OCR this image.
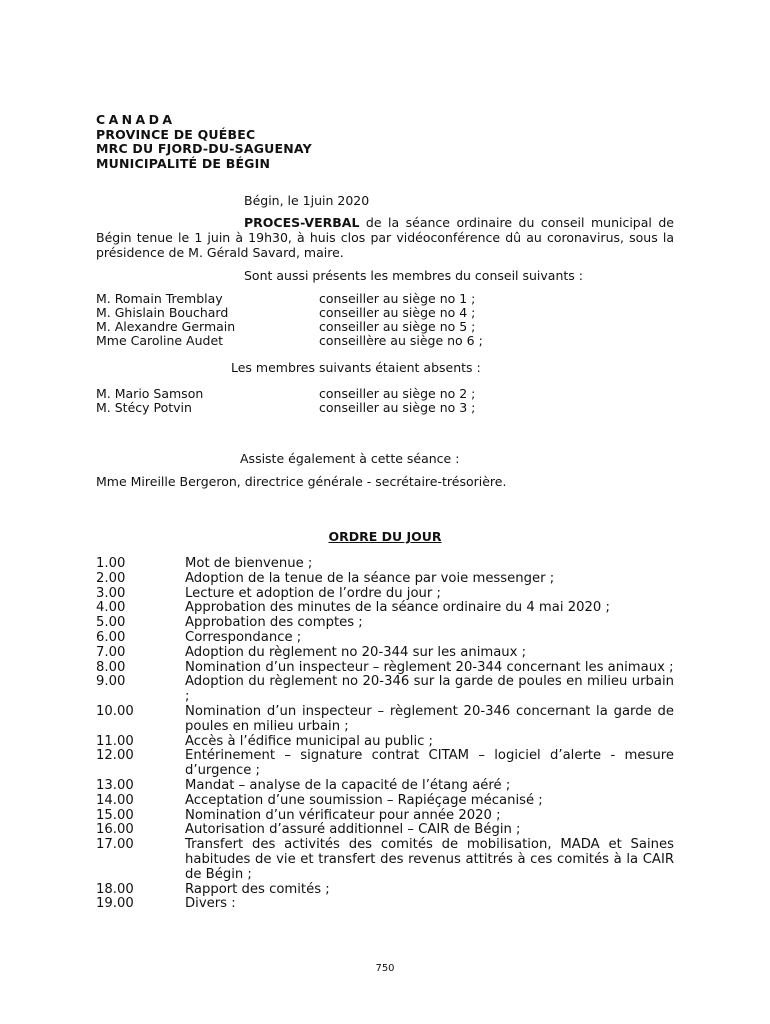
CANADA
PROVINCE DE QUÉBEC
MRC DU FJORD-DU-SAGUENAY
MUNICIPALITÉ DE BÉGIN
Bégin, le 1juin 2020
PROCES-VERBAL de la séance ordinaire du conseil municipal de Bégin tenue le 1 juin à 19h30, à huis clos par vidéoconférence dû au coronavirus, sous la présidence de M. Gérald Savard, maire.
Sont aussi présents les membres du conseil suivants :
M. Romain Tremblay	conseiller au siège no 1 ;
M. Ghislain Bouchard	conseiller au siège no 4 ;
M. Alexandre Germain	conseiller au siège no 5 ;
Mme Caroline Audet	conseillère au siège no 6 ;
Les membres suivants étaient absents :
M. Mario Samson	conseiller au siège no 2 ;
M. Stécy Potvin	conseiller au siège no 3 ;
Assiste également à cette séance :
Mme Mireille Bergeron, directrice générale - secrétaire-trésorière.
ORDRE DU JOUR
1.00	Mot de bienvenue ;
2.00	Adoption de la tenue de la séance par voie messenger ;
3.00	Lecture et adoption de l’ordre du jour ;
4.00	Approbation des minutes de la séance ordinaire du 4 mai 2020 ;
5.00	Approbation des comptes ;
6.00	Correspondance ;
7.00	Adoption du règlement no 20-344 sur les animaux ;
8.00	Nomination d’un inspecteur – règlement 20-344 concernant les animaux ;
9.00	Adoption du règlement no 20-346 sur la garde de poules en milieu urbain ;
10.00	Nomination d’un inspecteur – règlement 20-346 concernant la garde de poules en milieu urbain ;
11.00	Accès à l’édifice municipal au public ;
12.00	Entérinement – signature contrat CITAM – logiciel d’alerte - mesure d’urgence ;
13.00	Mandat – analyse de la capacité de l’étang aéré ;
14.00	Acceptation d’une soumission – Rapiéçage mécanisé ;
15.00	Nomination d’un vérificateur pour année 2020 ;
16.00	Autorisation d’assuré additionnel – CAIR de Bégin ;
17.00	Transfert des activités des comités de mobilisation, MADA et Saines habitudes de vie et transfert des revenus attitrés à ces comités à la CAIR de Bégin ;
18.00	Rapport des comités ;
19.00	Divers :
750
